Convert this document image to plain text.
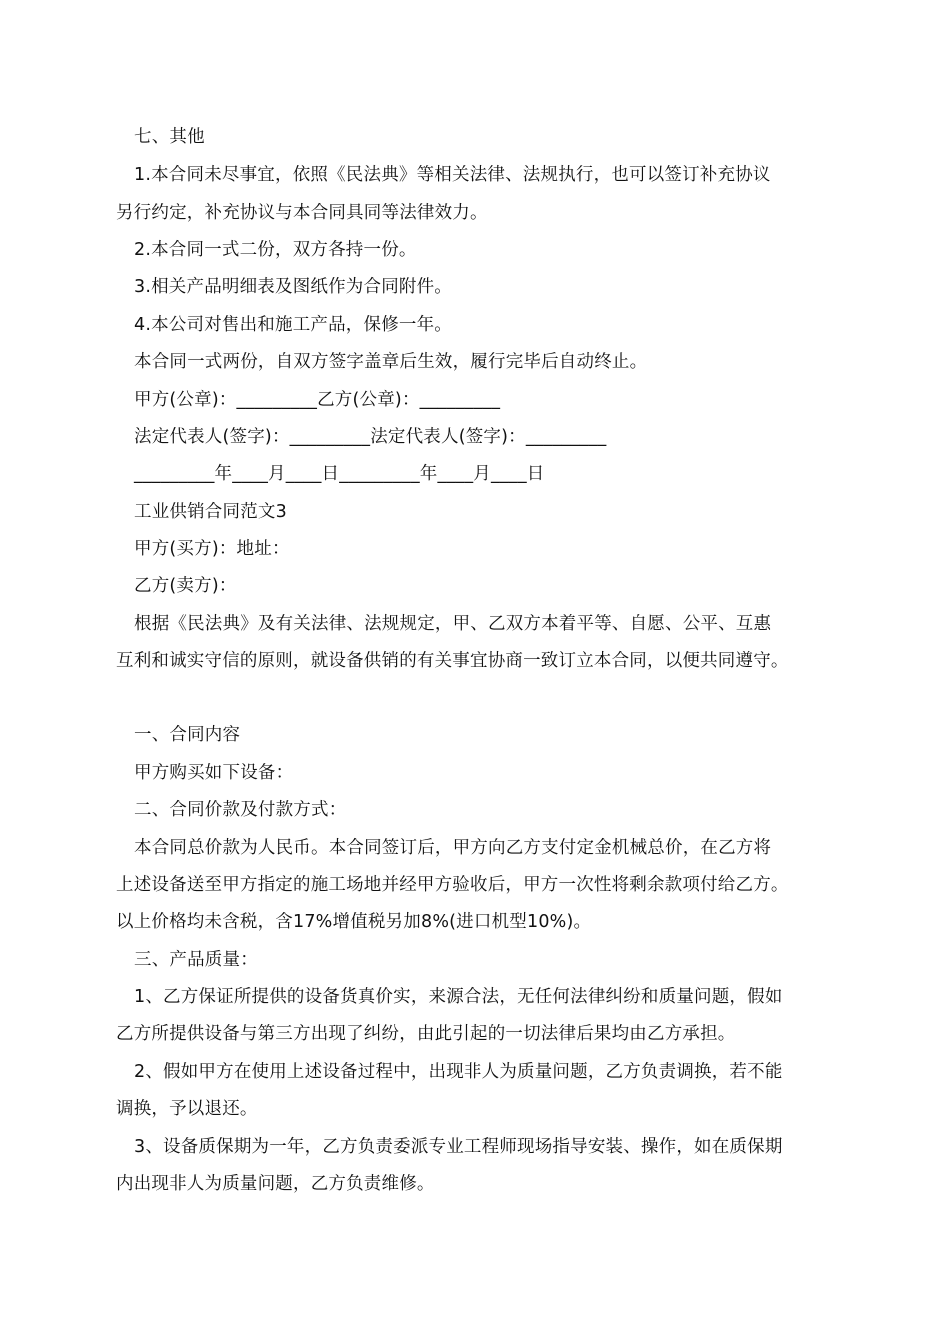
七、其他
1.本合同未尽事宜，依照《民法典》等相关法律、法规执行，也可以签订补充协议
另行约定，补充协议与本合同具同等法律效力。
2.本合同一式二份，双方各持一份。
3.相关产品明细表及图纸作为合同附件。
4.本公司对售出和施工产品，保修一年。
本合同一式两份，自双方签字盖章后生效，履行完毕后自动终止。
甲方(公章)：_________乙方(公章)：_________
法定代表人(签字)：_________法定代表人(签字)：_________
_________年____月____日_________年____月____日
工业供销合同范文3
甲方(买方)：地址：
乙方(卖方)：
根据《民法典》及有关法律、法规规定，甲、乙双方本着平等、自愿、公平、互惠
互利和诚实守信的原则，就设备供销的有关事宜协商一致订立本合同，以便共同遵守。
一、合同内容
甲方购买如下设备：
二、合同价款及付款方式：
本合同总价款为人民币。本合同签订后，甲方向乙方支付定金机械总价，在乙方将
上述设备送至甲方指定的施工场地并经甲方验收后，甲方一次性将剩余款项付给乙方。
以上价格均未含税，含17%增值税另加8%(进口机型10%)。
三、产品质量：
1、乙方保证所提供的设备货真价实，来源合法，无任何法律纠纷和质量问题，假如
乙方所提供设备与第三方出现了纠纷，由此引起的一切法律后果均由乙方承担。
2、假如甲方在使用上述设备过程中，出现非人为质量问题，乙方负责调换，若不能
调换，予以退还。
3、设备质保期为一年，乙方负责委派专业工程师现场指导安装、操作，如在质保期
内出现非人为质量问题，乙方负责维修。
